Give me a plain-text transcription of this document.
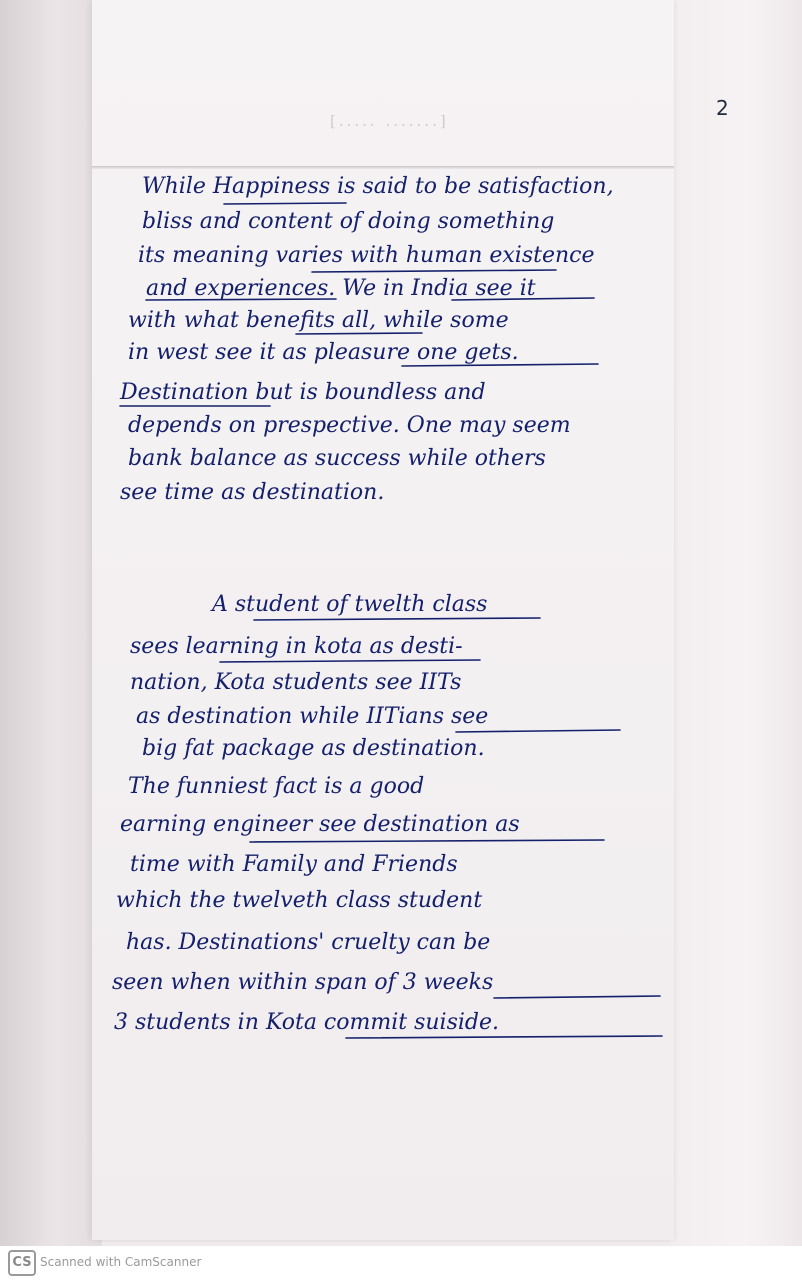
[..... .......]
2
While Happiness is said to be satisfaction,
bliss and content of doing something
its meaning varies with human existence
and experiences. We in India see it
with what benefits all, while some
in west see it as pleasure one gets.
Destination but is boundless and
depends on prespective. One may seem
bank balance as success while others
see time as destination.
A student of twelth class
sees learning in kota as desti-
nation, Kota students see IITs
as destination while IITians see
big fat package as destination.
The funniest fact is a good
earning engineer see destination as
time with Family and Friends
which the twelveth class student
has. Destinations' cruelty can be
seen when within span of 3 weeks
3 students in Kota commit suiside.
CS Scanned with CamScanner
